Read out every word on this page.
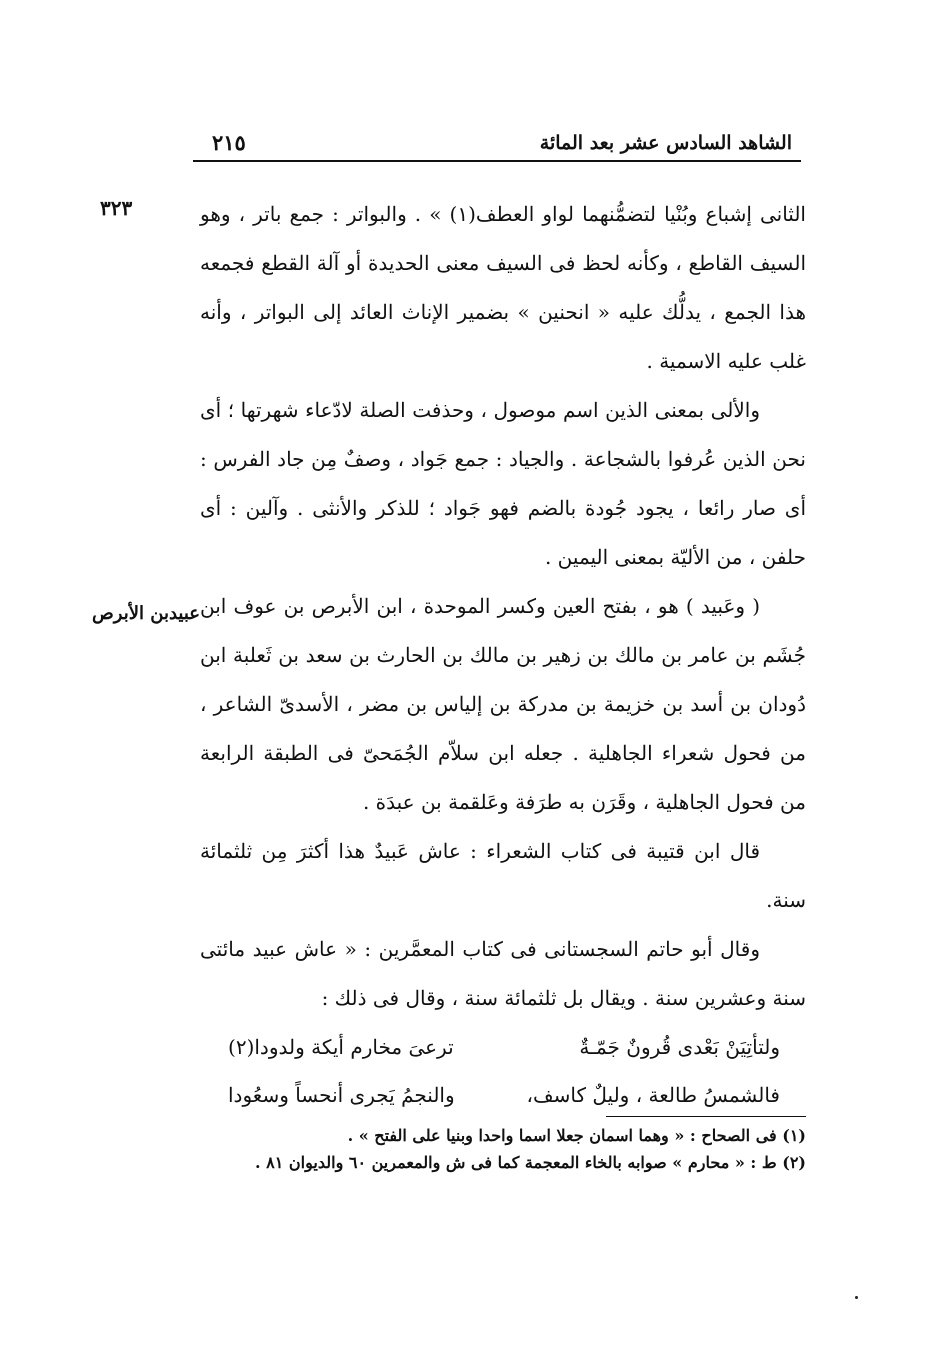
الشاهد السادس عشر بعد المائة
٢١٥
٣٢٣
عبيدبن الأبرص

الثانى إشباع وبُنْيا لتضمُّنهما لواو العطف(١) » . والبواتر : جمع باتر ، وهو السيف القاطع ، وكأنه لحظ فى السيف معنى الحديدة أو آلة القطع فجمعه هذا الجمع ، يدلُّك عليه « انحنين » بضمير الإناث العائد إلى البواتر ، وأنه غلب عليه الاسمية .

والألى بمعنى الذين اسم موصول ، وحذفت الصلة لادّعاء شهرتها ؛ أى نحن الذين عُرفوا بالشجاعة . والجياد : جمع جَواد ، وصفٌ مِن جاد الفرس : أى صار رائعا ، يجود جُودة بالضم فهو جَواد ؛ للذكر والأنثى . وآلين : أى حلفن ، من الأليّة بمعنى اليمين .

( وعَبيد ) هو ، بفتح العين وكسر الموحدة ، ابن الأبرص بن عوف ابن جُشَم بن عامر بن مالك بن زهير بن مالك بن الحارث بن سعد بن ثَعلبة ابن دُودان بن أسد بن خزيمة بن مدركة بن إلياس بن مضر ، الأسدىّ الشاعر ، من فحول شعراء الجاهلية . جعله ابن سلاّم الجُمَحىّ فى الطبقة الرابعة من فحول الجاهلية ، وقَرَن به طرَفة وعَلقمة بن عبدَة .

قال ابن قتيبة فى كتاب الشعراء : عاش عَبيدٌ هذا أكثرَ مِن ثلثمائة سنة.

وقال أبو حاتم السجستانى فى كتاب المعمَّرين : « عاش عبيد مائتى سنة وعشرين سنة . ويقال بل ثلثمائة سنة ، وقال فى ذلك :

ولتأتِيَنْ بَعْدى قُرونٌ جَمّـةٌ
ترعىَ مخارم أيكة ولدودا(٢)
فالشمسُ طالعة ، وليلٌ كاسف،
والنجمُ يَجرى أنحساً وسعُودا

(١) فى الصحاح : « وهما اسمان جعلا اسما واحدا وبنيا على الفتح » .

(٢) ط : « محارم » صوابه بالخاء المعجمة كما فى ش والمعمرين ٦٠ والديوان ٨١ .
